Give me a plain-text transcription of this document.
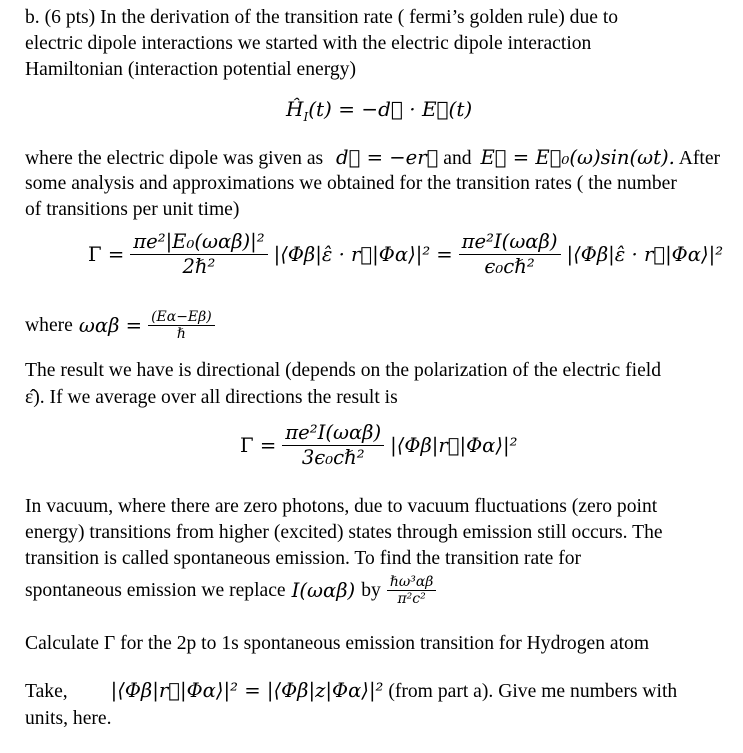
b. (6 pts) In the derivation of the transition rate ( fermi’s golden rule) due to
electric dipole interactions we started with the electric dipole interaction
Hamiltonian (interaction potential energy)
$Ĥ_I(t)$ = −d⃗ · E⃗(t)
where the electric dipole was given as d⃗ = −er⃗ and E⃗ = E⃗₀(ω)sin(ωt). After
some analysis and approximations we obtained for the transition rates ( the number
of transitions per unit time)
$\Gamma = \frac{\text{πe²|E₀(ωαβ)|²}}{\text{2ℏ²}}$ |⟨Φβ|ε̂ · r⃗|Φα⟩|² = $\frac{\text{πe²I(ωαβ)}}{\text{ϵ₀cℏ²}}$ |⟨Φβ|ε̂ · r⃗|Φα⟩|²
where $\omega\alpha\beta = \frac{(E\alpha-E\beta)}{\text{ℏ}}$
The result we have is directional (depends on the polarization of the electric field
ε̂). If we average over all directions the result is
$\Gamma = \frac{\text{πe²I(ωαβ)}}{\text{3ϵ₀cℏ²}}$ |⟨Φβ|r⃗|Φα⟩|²
In vacuum, where there are zero photons, due to vacuum fluctuations (zero point
energy) transitions from higher (excited) states through emission still occurs. The
transition is called spontaneous emission. To find the transition rate for
spontaneous emission we replace I(ωαβ) by $\frac{\text{ℏω³αβ}}{\text{π²c²}}$
Calculate Γ for the 2p to 1s spontaneous emission transition for Hydrogen atom
Take, |⟨Φβ|r⃗|Φα⟩|² = |⟨Φβ|z|Φα⟩|² (from part a). Give me numbers with
units, here.
